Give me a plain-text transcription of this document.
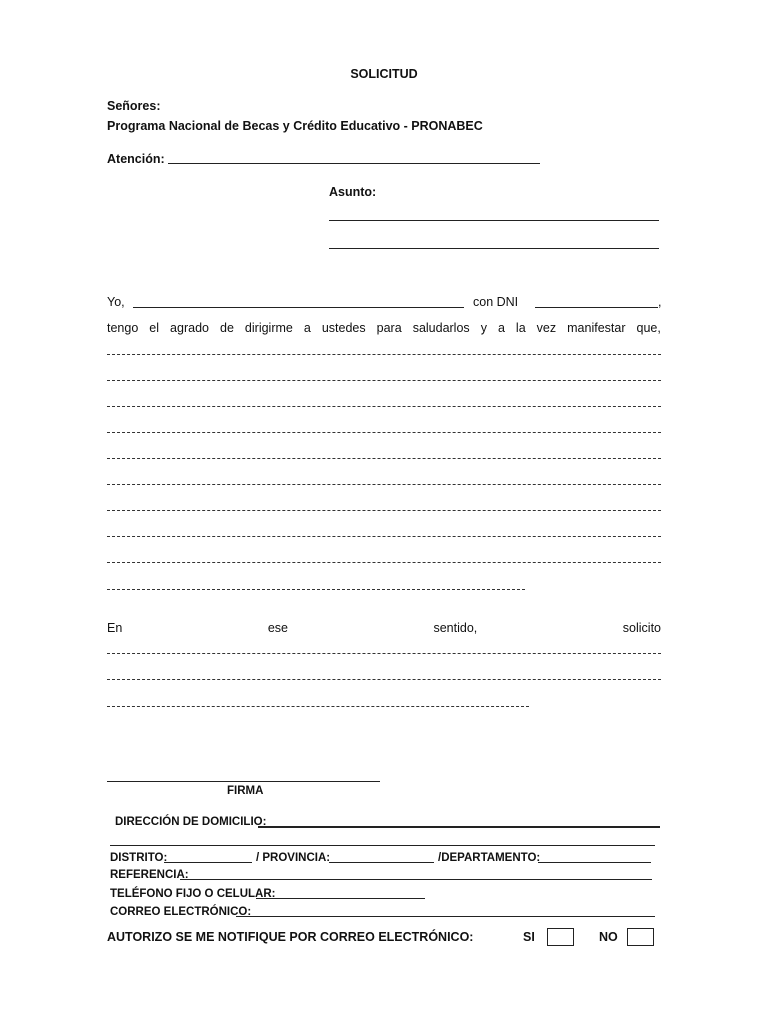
SOLICITUD
Señores:
Programa Nacional de Becas y Crédito Educativo - PRONABEC
Atención:
Asunto:
Yo,	con DNI	,
tengo el agrado de dirigirme a ustedes para saludarlos y a la vez manifestar que,
En	ese	sentido,	solicito
FIRMA
DIRECCIÓN DE DOMICILIO:
DISTRITO:	/ PROVINCIA:	/DEPARTAMENTO:
REFERENCIA:
TELÉFONO FIJO O CELULAR:
CORREO ELECTRÓNICO:
AUTORIZO SE ME NOTIFIQUE POR CORREO ELECTRÓNICO:	SI	NO
